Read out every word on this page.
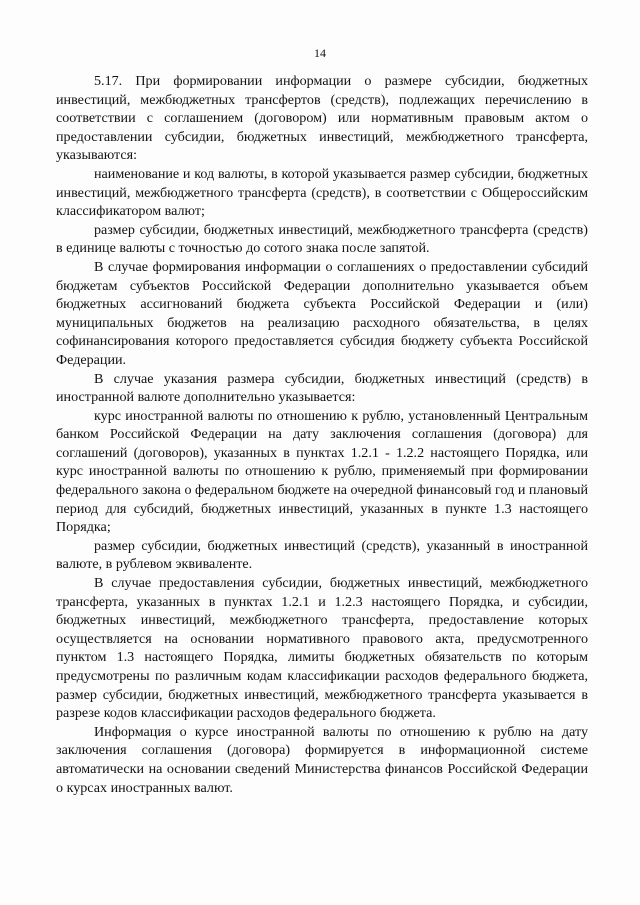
14

5.17. При формировании информации о размере субсидии, бюджетных инвестиций, межбюджетных трансфертов (средств), подлежащих перечислению в соответствии с соглашением (договором) или нормативным правовым актом о предоставлении субсидии, бюджетных инвестиций, межбюджетного трансферта, указываются:

наименование и код валюты, в которой указывается размер субсидии, бюджетных инвестиций, межбюджетного трансферта (средств), в соответствии с Общероссийским классификатором валют;

размер субсидии, бюджетных инвестиций, межбюджетного трансферта (средств) в единице валюты с точностью до сотого знака после запятой.

В случае формирования информации о соглашениях о предоставлении субсидий бюджетам субъектов Российской Федерации дополнительно указывается объем бюджетных ассигнований бюджета субъекта Российской Федерации и (или) муниципальных бюджетов на реализацию расходного обязательства, в целях софинансирования которого предоставляется субсидия бюджету субъекта Российской Федерации.

В случае указания размера субсидии, бюджетных инвестиций (средств) в иностранной валюте дополнительно указывается:

курс иностранной валюты по отношению к рублю, установленный Центральным банком Российской Федерации на дату заключения соглашения (договора) для соглашений (договоров), указанных в пунктах 1.2.1 - 1.2.2 настоящего Порядка, или курс иностранной валюты по отношению к рублю, применяемый при формировании федерального закона о федеральном бюджете на очередной финансовый год и плановый период для субсидий, бюджетных инвестиций, указанных в пункте 1.3 настоящего Порядка;

размер субсидии, бюджетных инвестиций (средств), указанный в иностранной валюте, в рублевом эквиваленте.

В случае предоставления субсидии, бюджетных инвестиций, межбюджетного трансферта, указанных в пунктах 1.2.1 и 1.2.3 настоящего Порядка, и субсидии, бюджетных инвестиций, межбюджетного трансферта, предоставление которых осуществляется на основании нормативного правового акта, предусмотренного пунктом 1.3 настоящего Порядка, лимиты бюджетных обязательств по которым предусмотрены по различным кодам классификации расходов федерального бюджета, размер субсидии, бюджетных инвестиций, межбюджетного трансферта указывается в разрезе кодов классификации расходов федерального бюджета.

Информация о курсе иностранной валюты по отношению к рублю на дату заключения соглашения (договора) формируется в информационной системе автоматически на основании сведений Министерства финансов Российской Федерации о курсах иностранных валют.
